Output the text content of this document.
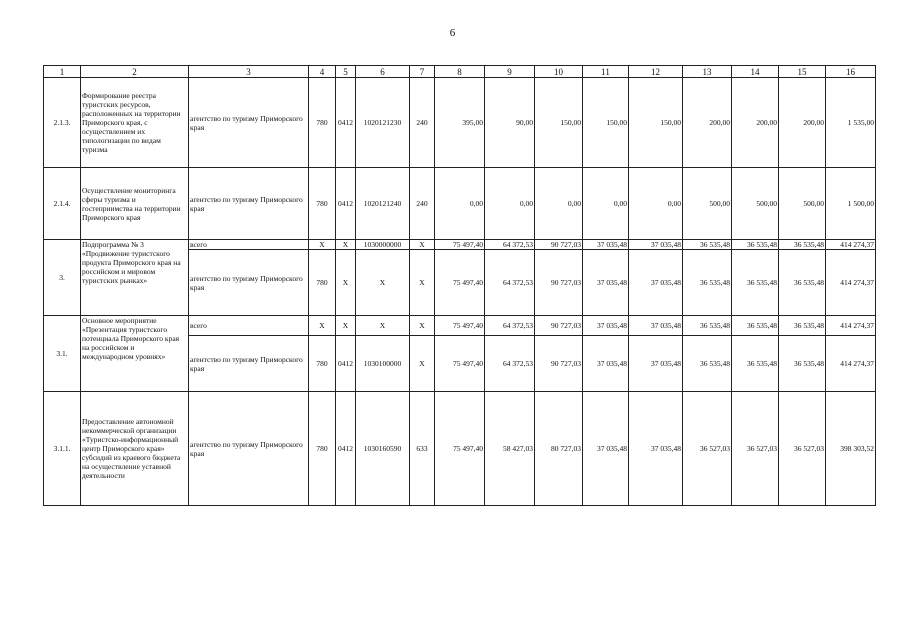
6
1	2	3	4	5	6	7	8	9	10	11	12	13	14	15	16
2.1.3.	Формирование реестра туристских ресурсов, расположенных на территории Приморского края, с осуществлением их типологизации по видам туризма	агентство по туризму Приморского края	780	0412	1020121230	240	395,00	90,00	150,00	150,00	150,00	200,00	200,00	200,00	1 535,00
2.1.4.	Осуществление мониторинга сферы туризма и гостеприимства на территории Приморского края	агентство по туризму Приморского края	780	0412	1020121240	240	0,00	0,00	0,00	0,00	0,00	500,00	500,00	500,00	1 500,00
3.	Подпрограмма № 3 «Продвижение туристского продукта Приморского края на российском и мировом туристских рынках»	всего	Х	Х	1030000000	Х	75 497,40	64 372,53	90 727,03	37 035,48	37 035,48	36 535,48	36 535,48	36 535,48	414 274,37
		агентство по туризму Приморского края	780	Х	Х	Х	75 497,40	64 372,53	90 727,03	37 035,48	37 035,48	36 535,48	36 535,48	36 535,48	414 274,37
3.1.	Основное мероприятие «Презентация туристского потенциала Приморского края на российском и международном уровнях»	всего	Х	Х	Х	Х	75 497,40	64 372,53	90 727,03	37 035,48	37 035,48	36 535,48	36 535,48	36 535,48	414 274,37
		агентство по туризму Приморского края	780	0412	1030100000	Х	75 497,40	64 372,53	90 727,03	37 035,48	37 035,48	36 535,48	36 535,48	36 535,48	414 274,37
3.1.1.	Предоставление автономной некоммерческой организации «Туристско-информационный центр Приморского края» субсидий из краевого бюджета на осуществление уставной деятельности	агентство по туризму Приморского края	780	0412	1030160590	633	75 497,40	58 427,03	80 727,03	37 035,48	37 035,48	36 527,03	36 527,03	36 527,03	398 303,52
